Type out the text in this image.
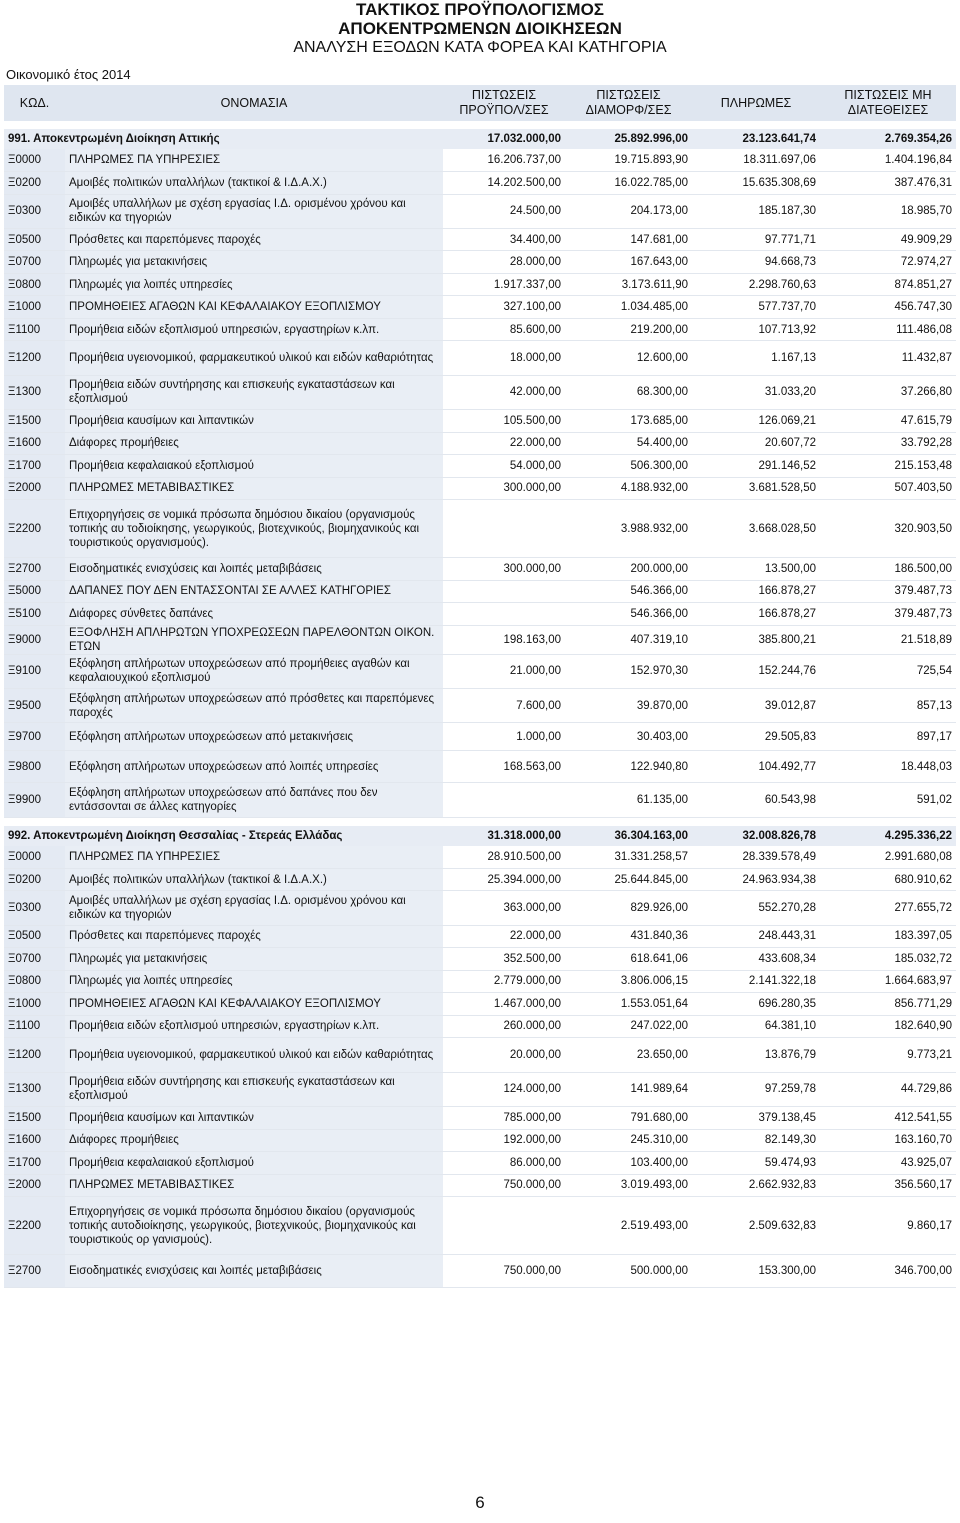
ΤΑΚΤΙΚΟΣ ΠΡΟΫΠΟΛΟΓΙΣΜΟΣ
ΑΠΟΚΕΝΤΡΩΜΕΝΩΝ ΔΙΟΙΚΗΣΕΩΝ
ΑΝΑΛΥΣΗ ΕΞΟΔΩΝ ΚΑΤΑ ΦΟΡΕΑ ΚΑΙ ΚΑΤΗΓΟΡΙΑ
Οικονομικό έτος 2014
ΚΩΔ.	ΟΝΟΜΑΣΙΑ	ΠΙΣΤΩΣΕΙΣ ΠΡΟΫΠΟΛ/ΣΕΣ	ΠΙΣΤΩΣΕΙΣ ΔΙΑΜΟΡΦ/ΣΕΣ	ΠΛΗΡΩΜΕΣ	ΠΙΣΤΩΣΕΙΣ ΜΗ ΔΙΑΤΕΘΕΙΣΕΣ

991. Αποκεντρωμένη Διοίκηση Αττικής		17.032.000,00	25.892.996,00	23.123.641,74	2.769.354,26
Ξ0000	ΠΛΗΡΩΜΕΣ ΠΑ ΥΠΗΡΕΣΙΕΣ	16.206.737,00	19.715.893,90	18.311.697,06	1.404.196,84
Ξ0200	Αμοιβές πολιτικών υπαλλήλων (τακτικοί & Ι.Δ.Α.Χ.)	14.202.500,00	16.022.785,00	15.635.308,69	387.476,31
Ξ0300	Αμοιβές υπαλλήλων με σχέση εργασίας Ι.Δ. ορισμένου χρόνου και ειδικών κα τηγοριών	24.500,00	204.173,00	185.187,30	18.985,70
Ξ0500	Πρόσθετες και παρεπόμενες παροχές	34.400,00	147.681,00	97.771,71	49.909,29
Ξ0700	Πληρωμές για μετακινήσεις	28.000,00	167.643,00	94.668,73	72.974,27
Ξ0800	Πληρωμές για λοιπές υπηρεσίες	1.917.337,00	3.173.611,90	2.298.760,63	874.851,27
Ξ1000	ΠΡΟΜΗΘΕΙΕΣ ΑΓΑΘΩΝ ΚΑΙ ΚΕΦΑΛΑΙΑΚΟΥ ΕΞΟΠΛΙΣΜΟΥ	327.100,00	1.034.485,00	577.737,70	456.747,30
Ξ1100	Προμήθεια ειδών εξοπλισμού υπηρεσιών, εργαστηρίων κ.λπ.	85.600,00	219.200,00	107.713,92	111.486,08
Ξ1200	Προμήθεια υγειονομικού, φαρμακευτικού υλικού και ειδών καθαριότητας	18.000,00	12.600,00	1.167,13	11.432,87
Ξ1300	Προμήθεια ειδών συντήρησης και επισκευής εγκαταστάσεων και εξοπλισμού	42.000,00	68.300,00	31.033,20	37.266,80
Ξ1500	Προμήθεια καυσίμων και λιπαντικών	105.500,00	173.685,00	126.069,21	47.615,79
Ξ1600	Διάφορες προμήθειες	22.000,00	54.400,00	20.607,72	33.792,28
Ξ1700	Προμήθεια κεφαλαιακού εξοπλισμού	54.000,00	506.300,00	291.146,52	215.153,48
Ξ2000	ΠΛΗΡΩΜΕΣ ΜΕΤΑΒΙΒΑΣΤΙΚΕΣ	300.000,00	4.188.932,00	3.681.528,50	507.403,50
Ξ2200	Επιχορηγήσεις σε νομικά πρόσωπα δημόσιου δικαίου (οργανισμούς τοπικής αυ τοδιοίκησης, γεωργικούς, βιοτεχνικούς, βιομηχανικούς και τουριστικούς οργανισμούς).		3.988.932,00	3.668.028,50	320.903,50
Ξ2700	Εισοδηματικές ενισχύσεις και λοιπές μεταβιβάσεις	300.000,00	200.000,00	13.500,00	186.500,00
Ξ5000	ΔΑΠΑΝΕΣ ΠΟΥ ΔΕΝ ΕΝΤΑΣΣΟΝΤΑΙ ΣΕ ΑΛΛΕΣ ΚΑΤΗΓΟΡΙΕΣ		546.366,00	166.878,27	379.487,73
Ξ5100	Διάφορες σύνθετες δαπάνες		546.366,00	166.878,27	379.487,73
Ξ9000	ΕΞΟΦΛΗΣΗ ΑΠΛΗΡΩΤΩΝ ΥΠΟΧΡΕΩΣΕΩΝ ΠΑΡΕΛΘΟΝΤΩΝ ΟΙΚΟΝ. ΕΤΩΝ	198.163,00	407.319,10	385.800,21	21.518,89
Ξ9100	Εξόφληση απλήρωτων υποχρεώσεων από προμήθειες αγαθών και κεφαλαιουχικού εξοπλισμού	21.000,00	152.970,30	152.244,76	725,54
Ξ9500	Εξόφληση απλήρωτων υποχρεώσεων από πρόσθετες και παρεπόμενες παροχές	7.600,00	39.870,00	39.012,87	857,13
Ξ9700	Εξόφληση απλήρωτων υποχρεώσεων από μετακινήσεις	1.000,00	30.403,00	29.505,83	897,17
Ξ9800	Εξόφληση απλήρωτων υποχρεώσεων από λοιπές υπηρεσίες	168.563,00	122.940,80	104.492,77	18.448,03
Ξ9900	Εξόφληση απλήρωτων υποχρεώσεων από δαπάνες που δεν εντάσσονται σε άλλες κατηγορίες		61.135,00	60.543,98	591,02

992. Αποκεντρωμένη Διοίκηση Θεσσαλίας - Στερεάς Ελλάδας		31.318.000,00	36.304.163,00	32.008.826,78	4.295.336,22
Ξ0000	ΠΛΗΡΩΜΕΣ ΠΑ ΥΠΗΡΕΣΙΕΣ	28.910.500,00	31.331.258,57	28.339.578,49	2.991.680,08
Ξ0200	Αμοιβές πολιτικών υπαλλήλων (τακτικοί & Ι.Δ.Α.Χ.)	25.394.000,00	25.644.845,00	24.963.934,38	680.910,62
Ξ0300	Αμοιβές υπαλλήλων με σχέση εργασίας Ι.Δ. ορισμένου χρόνου και ειδικών κα τηγοριών	363.000,00	829.926,00	552.270,28	277.655,72
Ξ0500	Πρόσθετες και παρεπόμενες παροχές	22.000,00	431.840,36	248.443,31	183.397,05
Ξ0700	Πληρωμές για μετακινήσεις	352.500,00	618.641,06	433.608,34	185.032,72
Ξ0800	Πληρωμές για λοιπές υπηρεσίες	2.779.000,00	3.806.006,15	2.141.322,18	1.664.683,97
Ξ1000	ΠΡΟΜΗΘΕΙΕΣ ΑΓΑΘΩΝ ΚΑΙ ΚΕΦΑΛΑΙΑΚΟΥ ΕΞΟΠΛΙΣΜΟΥ	1.467.000,00	1.553.051,64	696.280,35	856.771,29
Ξ1100	Προμήθεια ειδών εξοπλισμού υπηρεσιών, εργαστηρίων κ.λπ.	260.000,00	247.022,00	64.381,10	182.640,90
Ξ1200	Προμήθεια υγειονομικού, φαρμακευτικού υλικού και ειδών καθαριότητας	20.000,00	23.650,00	13.876,79	9.773,21
Ξ1300	Προμήθεια ειδών συντήρησης και επισκευής εγκαταστάσεων και εξοπλισμού	124.000,00	141.989,64	97.259,78	44.729,86
Ξ1500	Προμήθεια καυσίμων και λιπαντικών	785.000,00	791.680,00	379.138,45	412.541,55
Ξ1600	Διάφορες προμήθειες	192.000,00	245.310,00	82.149,30	163.160,70
Ξ1700	Προμήθεια κεφαλαιακού εξοπλισμού	86.000,00	103.400,00	59.474,93	43.925,07
Ξ2000	ΠΛΗΡΩΜΕΣ ΜΕΤΑΒΙΒΑΣΤΙΚΕΣ	750.000,00	3.019.493,00	2.662.932,83	356.560,17
Ξ2200	Επιχορηγήσεις σε νομικά πρόσωπα δημόσιου δικαίου (οργανισμούς τοπικής αυτοδιοίκησης, γεωργικούς, βιοτεχνικούς, βιομηχανικούς και τουριστικούς ορ γανισμούς).		2.519.493,00	2.509.632,83	9.860,17
Ξ2700	Εισοδηματικές ενισχύσεις και λοιπές μεταβιβάσεις	750.000,00	500.000,00	153.300,00	346.700,00
6
